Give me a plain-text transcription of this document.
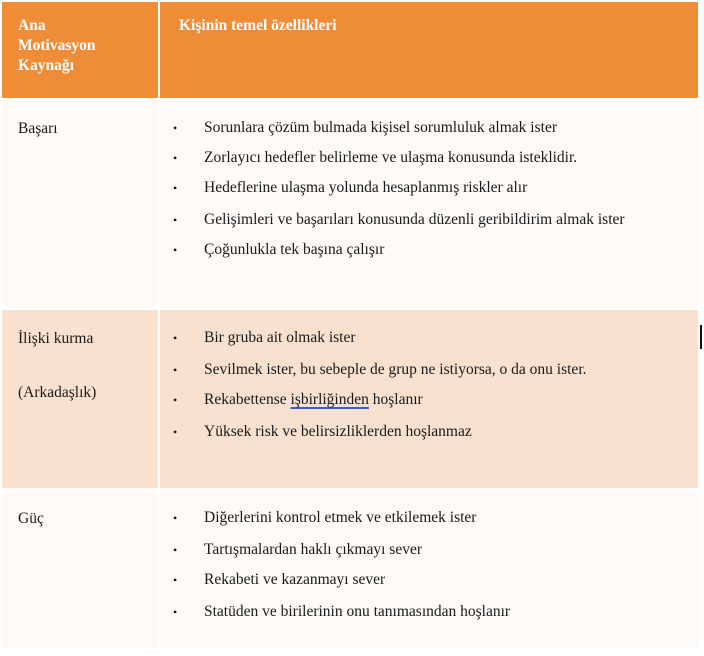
Ana
Motivasyon
Kaynağı
Kişinin temel özellikleri
Başarı	• Sorunlara çözüm bulmada kişisel sorumluluk almak ister
• Zorlayıcı hedefler belirleme ve ulaşma konusunda isteklidir.
• Hedeflerine ulaşma yolunda hesaplanmış riskler alır
• Gelişimleri ve başarıları konusunda düzenli geribildirim almak ister
• Çoğunlukla tek başına çalışır
İlişki kurma
(Arkadaşlık)
• Bir gruba ait olmak ister
• Sevilmek ister, bu sebeple de grup ne istiyorsa, o da onu ister.
• Rekabettense işbirliğinden hoşlanır
• Yüksek risk ve belirsizliklerden hoşlanmaz
Güç	• Diğerlerini kontrol etmek ve etkilemek ister
• Tartışmalardan haklı çıkmayı sever
• Rekabeti ve kazanmayı sever
• Statüden ve birilerinin onu tanımasından hoşlanır
